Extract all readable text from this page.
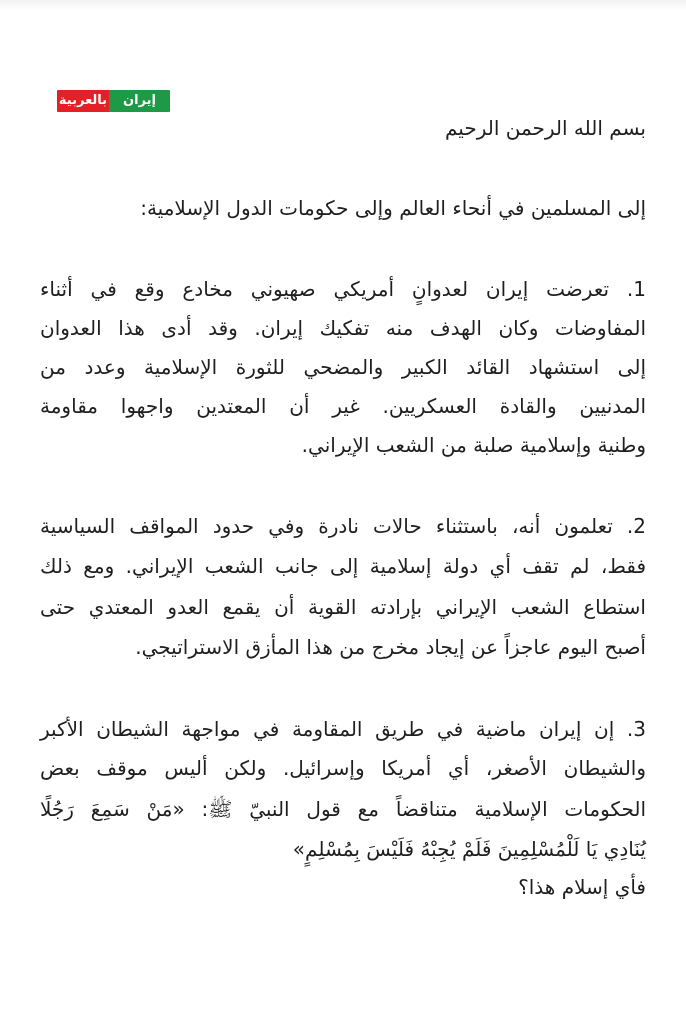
بالعربية	إيران
بسم الله الرحمن الرحيم
إلى المسلمين في أنحاء العالم وإلى حكومات الدول الإسلامية:
1. تعرضت إيران لعدوانٍ أمريكي صهيوني مخادع وقع في أثناء
المفاوضات وكان الهدف منه تفكيك إيران. وقد أدى هذا العدوان
إلى استشهاد القائد الكبير والمضحي للثورة الإسلامية وعدد من
المدنيين والقادة العسكريين. غير أن المعتدين واجهوا مقاومة
وطنية وإسلامية صلبة من الشعب الإيراني.
2. تعلمون أنه، باستثناء حالات نادرة وفي حدود المواقف السياسية
فقط، لم تقف أي دولة إسلامية إلى جانب الشعب الإيراني. ومع ذلك
استطاع الشعب الإيراني بإرادته القوية أن يقمع العدو المعتدي حتى
أصبح اليوم عاجزاً عن إيجاد مخرج من هذا المأزق الاستراتيجي.
3. إن إيران ماضية في طريق المقاومة في مواجهة الشيطان الأكبر
والشيطان الأصغر، أي أمريكا وإسرائيل. ولكن أليس موقف بعض
الحكومات الإسلامية متناقضاً مع قول النبيّ ﷺ: «مَنْ سَمِعَ رَجُلًا
يُنَادِي يَا لَلْمُسْلِمِينَ فَلَمْ يُجِبْهُ فَلَيْسَ بِمُسْلِمٍ»
فأي إسلام هذا؟
